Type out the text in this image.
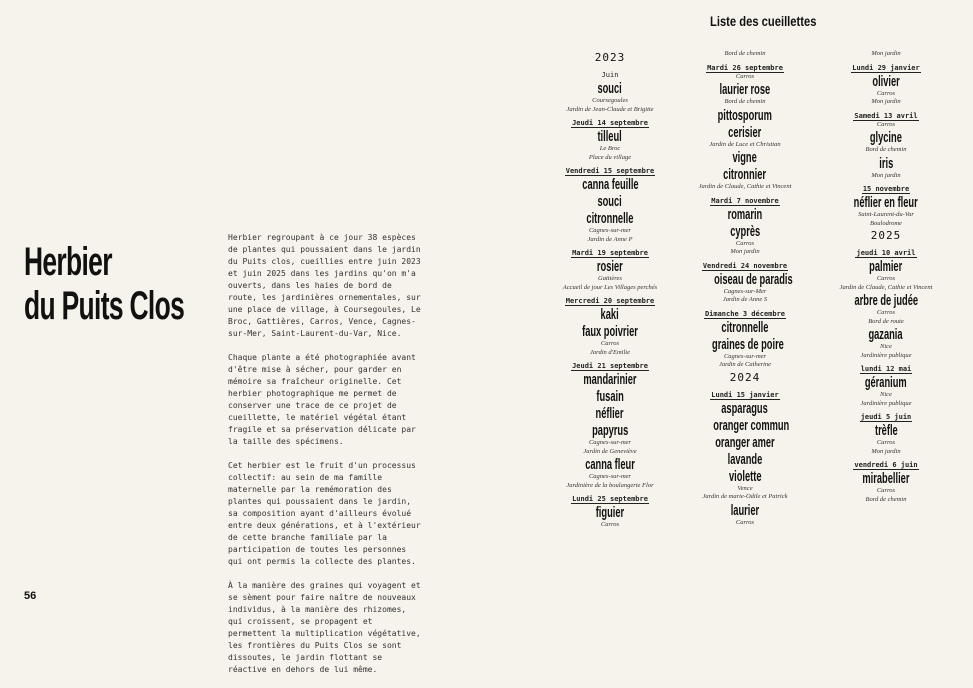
Herbier
du Puits Clos

Herbier regroupant à ce jour 38 espèces de plantes qui poussaient dans le jardin du Puits clos, cueillies entre juin 2023 et juin 2025 dans les jardins qu'on m'a ouverts, dans les haies de bord de route, les jardinières ornementales, sur une place de village, à Coursegoules, Le Broc, Gattières, Carros, Vence, Cagnes-sur-Mer, Saint-Laurent-du-Var, Nice.

Chaque plante a été photographiée avant d'être mise à sécher, pour garder en mémoire sa fraîcheur originelle. Cet herbier photographique me permet de conserver une trace de ce projet de cueillette, le matériel végétal étant fragile et sa préservation délicate par la taille des spécimens.

Cet herbier est le fruit d'un processus collectif: au sein de ma famille maternelle par la remémoration des plantes qui poussaient dans le jardin, sa composition ayant d'ailleurs évolué entre deux générations, et à l'extérieur de cette branche familiale par la participation de toutes les personnes qui ont permis la collecte des plantes.

À la manière des graines qui voyagent et se sèment pour faire naître de nouveaux individus, à la manière des rhizomes, qui croissent, se propagent et permettent la multiplication végétative, les frontières du Puits Clos se sont dissoutes, le jardin flottant se réactive en dehors de lui même.

56
Liste des cueillettes
2023
Juin
souci
Coursegoules
Jardin de Jean-Claude et Brigitte
Jeudi 14 septembre
tilleul
Le Broc
Place du village
Vendredi 15 septembre
canna feuille
souci
citronnelle
Cagnes-sur-mer
Jardin de Anne P
Mardi 19 septembre
rosier
Gattières
Accueil de jour Les Villages perchés
Mercredi 20 septembre
kaki
faux poivrier
Carros
Jardin d'Emilie
Jeudi 21 septembre
mandarinier
fusain
néflier
papyrus
Cagnes-sur-mer
Jardin de Geneviève
canna fleur
Cagnes-sur-mer
Jardinière de la boulangerie Flor
Lundi 25 septembre
figuier
Carros
Bord de chemin
Mardi 26 septembre
Carros
laurier rose
Bord de chemin
pittosporum
cerisier
Jardin de Luce et Christian
vigne
citronnier
Jardin de Claude, Cathie et Vincent
Mardi 7 novembre
romarin
cyprès
Carros
Mon jardin
Vendredi 24 novembre
oiseau de paradis
Cagnes-sur-Mer
Jardin de Anne S
Dimanche 3 décembre
citronnelle
graines de poire
Cagnes-sur-mer
Jardin de Catherine
2024
Lundi 15 janvier
asparagus
oranger commun
oranger amer
lavande
violette
Vence
Jardin de marie-Odile et Patrick
laurier
Carros
Mon jardin
Lundi 29 janvier
olivier
Carros
Mon jardin
Samedi 13 avril
Carros
glycine
Bord de chemin
iris
Mon jardin
15 novembre
néflier en fleur
Saint-Laurent-du-Var
Boulodrome
2025
jeudi 10 avril
palmier
Carros
Jardin de Claude, Cathie et Vincent
arbre de judée
Carros
Bord de route
gazania
Nice
Jardinière publique
lundi 12 mai
géranium
Nice
Jardinière publique
jeudi 5 juin
trèfle
Carros
Mon jardin
vendredi 6 juin
mirabellier
Carros
Bord de chemin
